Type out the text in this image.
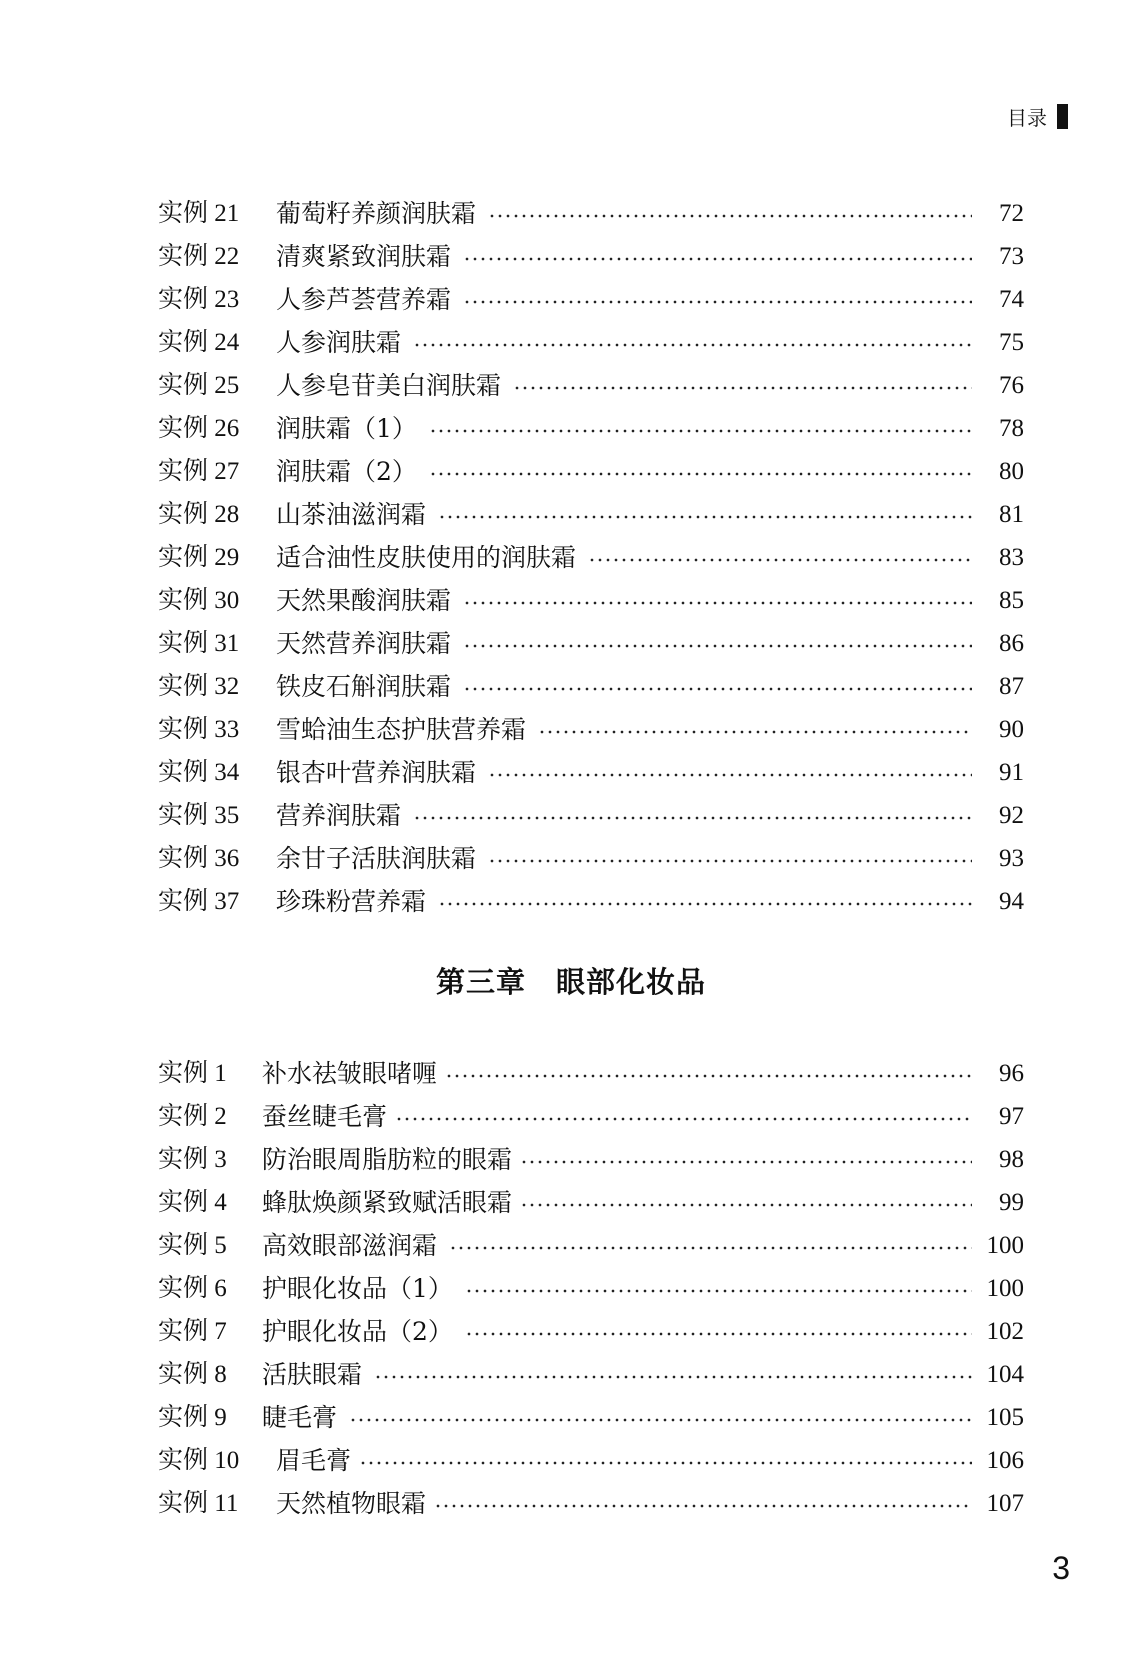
目录
实例 21	葡萄籽养颜润肤霜	72
实例 22	清爽紧致润肤霜	73
实例 23	人参芦荟营养霜	74
实例 24	人参润肤霜	75
实例 25	人参皂苷美白润肤霜	76
实例 26	润肤霜（1）	78
实例 27	润肤霜（2）	80
实例 28	山茶油滋润霜	81
实例 29	适合油性皮肤使用的润肤霜	83
实例 30	天然果酸润肤霜	85
实例 31	天然营养润肤霜	86
实例 32	铁皮石斛润肤霜	87
实例 33	雪蛤油生态护肤营养霜	90
实例 34	银杏叶营养润肤霜	91
实例 35	营养润肤霜	92
实例 36	余甘子活肤润肤霜	93
实例 37	珍珠粉营养霜	94
第三章　眼部化妆品
实例 1	补水祛皱眼啫喱	96
实例 2	蚕丝睫毛膏	97
实例 3	防治眼周脂肪粒的眼霜	98
实例 4	蜂肽焕颜紧致赋活眼霜	99
实例 5	高效眼部滋润霜	100
实例 6	护眼化妆品（1）	100
实例 7	护眼化妆品（2）	102
实例 8	活肤眼霜	104
实例 9	睫毛膏	105
实例 10	眉毛膏	106
实例 11	天然植物眼霜	107
3
